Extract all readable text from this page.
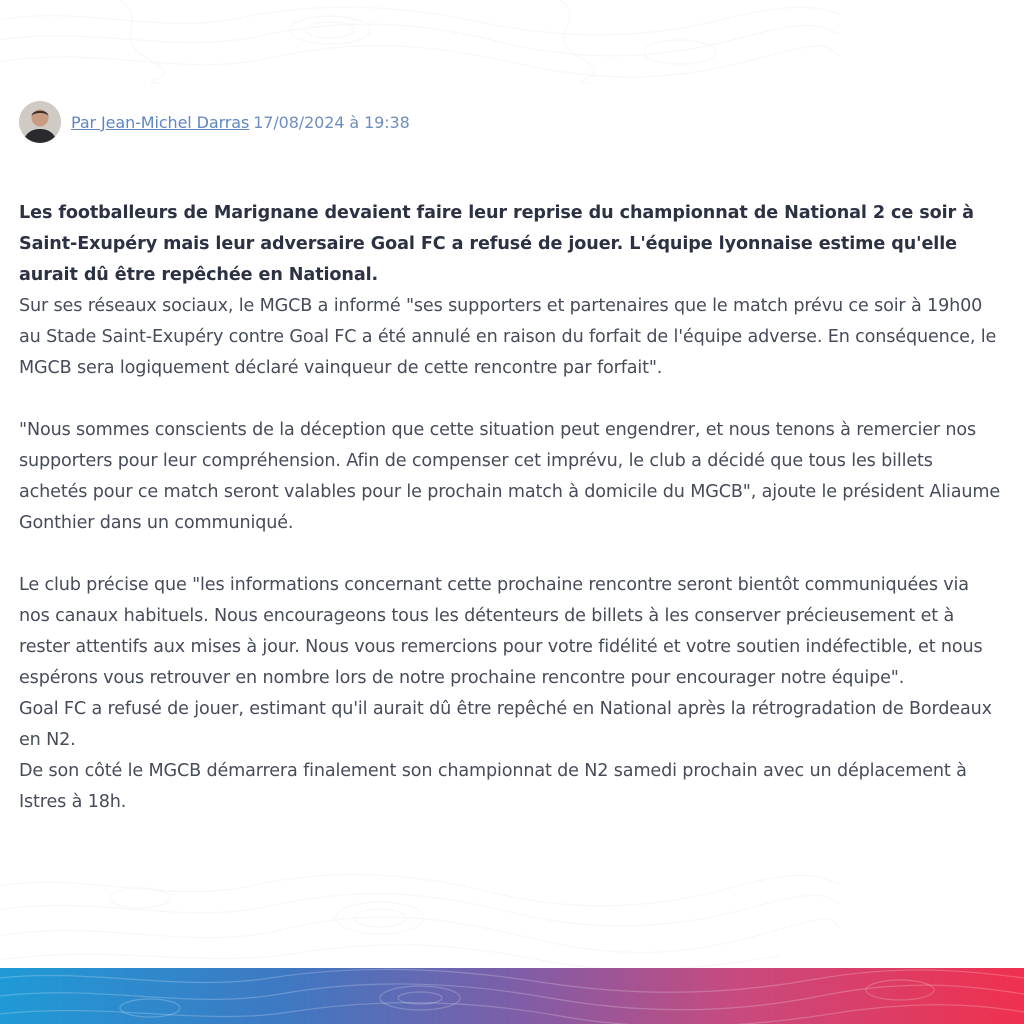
Par Jean-Michel Darras 17/08/2024 à 19:38

Les footballeurs de Marignane devaient faire leur reprise du championnat de National 2 ce soir à Saint-Exupéry mais leur adversaire Goal FC a refusé de jouer. L'équipe lyonnaise estime qu'elle aurait dû être repêchée en National.

Sur ses réseaux sociaux, le MGCB a informé "ses supporters et partenaires que le match prévu ce soir à 19h00 au Stade Saint-Exupéry contre Goal FC a été annulé en raison du forfait de l'équipe adverse. En conséquence, le MGCB sera logiquement déclaré vainqueur de cette rencontre par forfait".

"Nous sommes conscients de la déception que cette situation peut engendrer, et nous tenons à remercier nos supporters pour leur compréhension. Afin de compenser cet imprévu, le club a décidé que tous les billets achetés pour ce match seront valables pour le prochain match à domicile du MGCB", ajoute le président Aliaume Gonthier dans un communiqué.

Le club précise que "les informations concernant cette prochaine rencontre seront bientôt communiquées via nos canaux habituels. Nous encourageons tous les détenteurs de billets à les conserver précieusement et à rester attentifs aux mises à jour. Nous vous remercions pour votre fidélité et votre soutien indéfectible, et nous espérons vous retrouver en nombre lors de notre prochaine rencontre pour encourager notre équipe".

Goal FC a refusé de jouer, estimant qu'il aurait dû être repêché en National après la rétrogradation de Bordeaux en N2.

De son côté le MGCB démarrera finalement son championnat de N2 samedi prochain avec un déplacement à Istres à 18h.
